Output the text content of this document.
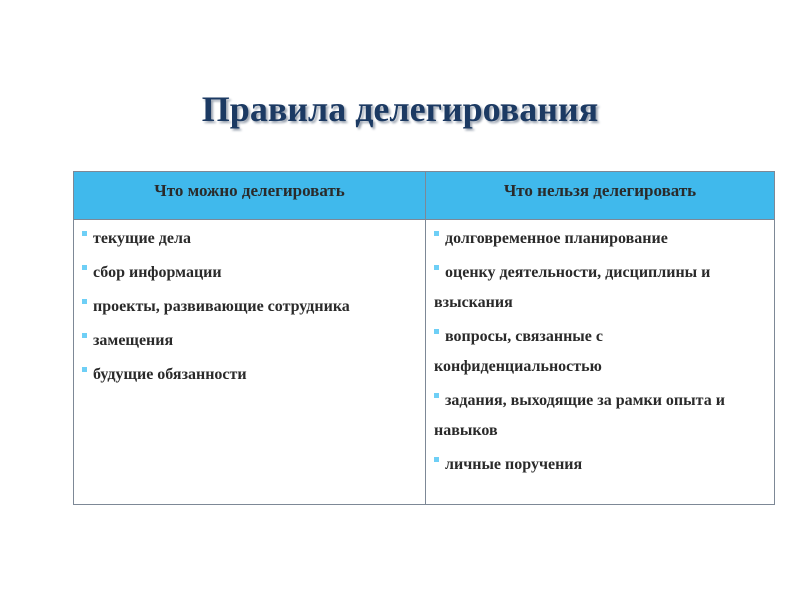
Правила делегирования
Что можно делегировать	Что нельзя делегировать
текущие дела
сбор информации
проекты, развивающие сотрудника
замещения
будущие обязанности
долговременное планирование
оценку деятельности, дисциплины и взыскания
вопросы, связанные с конфиденциальностью
задания, выходящие за рамки опыта и навыков
личные поручения
